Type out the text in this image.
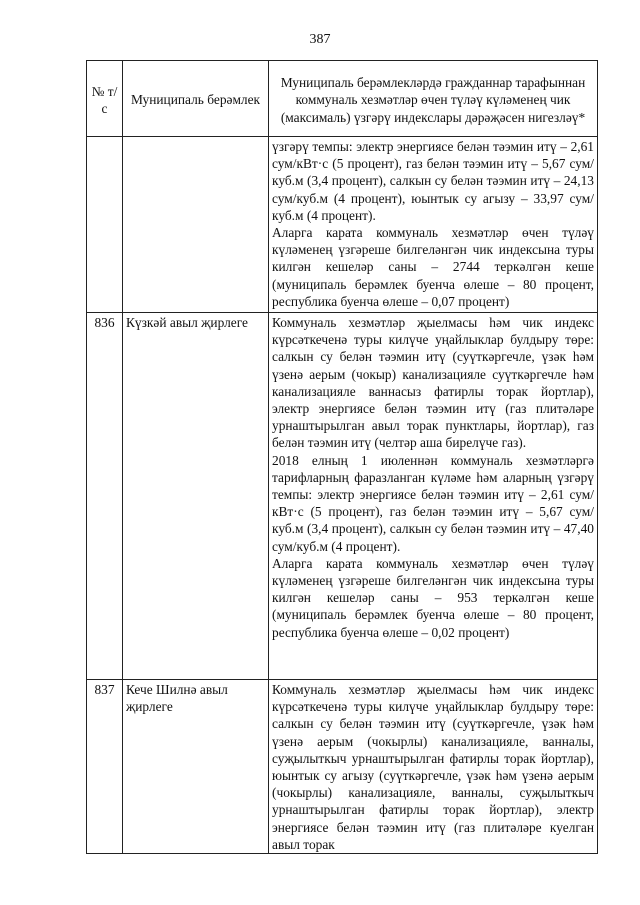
387
№ т/с	Муниципаль берәмлек	Муниципаль берәмлекләрдә гражданнар тарафыннан коммуналь хезмәтләр өчен түләү күләменең чик (максималь) үзгәрү индекслары дәрәҗәсен нигезләү*

		үзгәрү темпы: электр энергиясе белән тәэмин итү – 2,61 сум/кВт·с (5 процент), газ белән тәэмин итү – 5,67 сум/куб.м (3,4 процент), салкын су белән тәэмин итү – 24,13 сум/куб.м (4 процент), юынтык су агызу – 33,97 сум/куб.м (4 процент).

Аларга карата коммуналь хезмәтләр өчен түләү күләменең үзгәреше билгеләнгән чик индексына туры килгән кешеләр саны – 2744 теркәлгән кеше (муниципаль берәмлек буенча өлеше – 80 процент, республика буенча өлеше – 0,07 процент)

836	Күзкәй авыл җирлеге	Коммуналь хезмәтләр җыелмасы һәм чик индекс күрсәткеченә туры килүче уңайлыклар булдыру төре: салкын су белән тәэмин итү (суүткәргечле, үзәк һәм үзенә аерым (чокыр) канализацияле суүткәргечле һәм канализацияле ваннасыз фатирлы торак йортлар), электр энергиясе белән тәэмин итү (газ плитәләре урнаштырылган авыл торак пунктлары, йортлар), газ белән тәэмин итү (челтәр аша бирелүче газ).

2018 елның 1 июленнән коммуналь хезмәтләргә тарифларның фаразланган күләме һәм аларның үзгәрү темпы: электр энергиясе белән тәэмин итү – 2,61 сум/кВт·с (5 процент), газ белән тәэмин итү – 5,67 сум/куб.м (3,4 процент), салкын су белән тәэмин итү – 47,40 сум/куб.м (4 процент).

Аларга карата коммуналь хезмәтләр өчен түләү күләменең үзгәреше билгеләнгән чик индексына туры килгән кешеләр саны – 953 теркәлгән кеше (муниципаль берәмлек буенча өлеше – 80 процент, республика буенча өлеше – 0,02 процент)

837	Кече Шилнә авыл җирлеге	Коммуналь хезмәтләр җыелмасы һәм чик индекс күрсәткеченә туры килүче уңайлыклар булдыру төре: салкын су белән тәэмин итү (суүткәргечле, үзәк һәм үзенә аерым (чокырлы) канализацияле, ванналы, суҗылыткыч урнаштырылган фатирлы торак йортлар), юынтык су агызу (суүткәргечле, үзәк һәм үзенә аерым (чокырлы) канализацияле, ванналы, суҗылыткыч урнаштырылган фатирлы торак йортлар), электр энергиясе белән тәэмин итү (газ плитәләре куелган авыл торак
